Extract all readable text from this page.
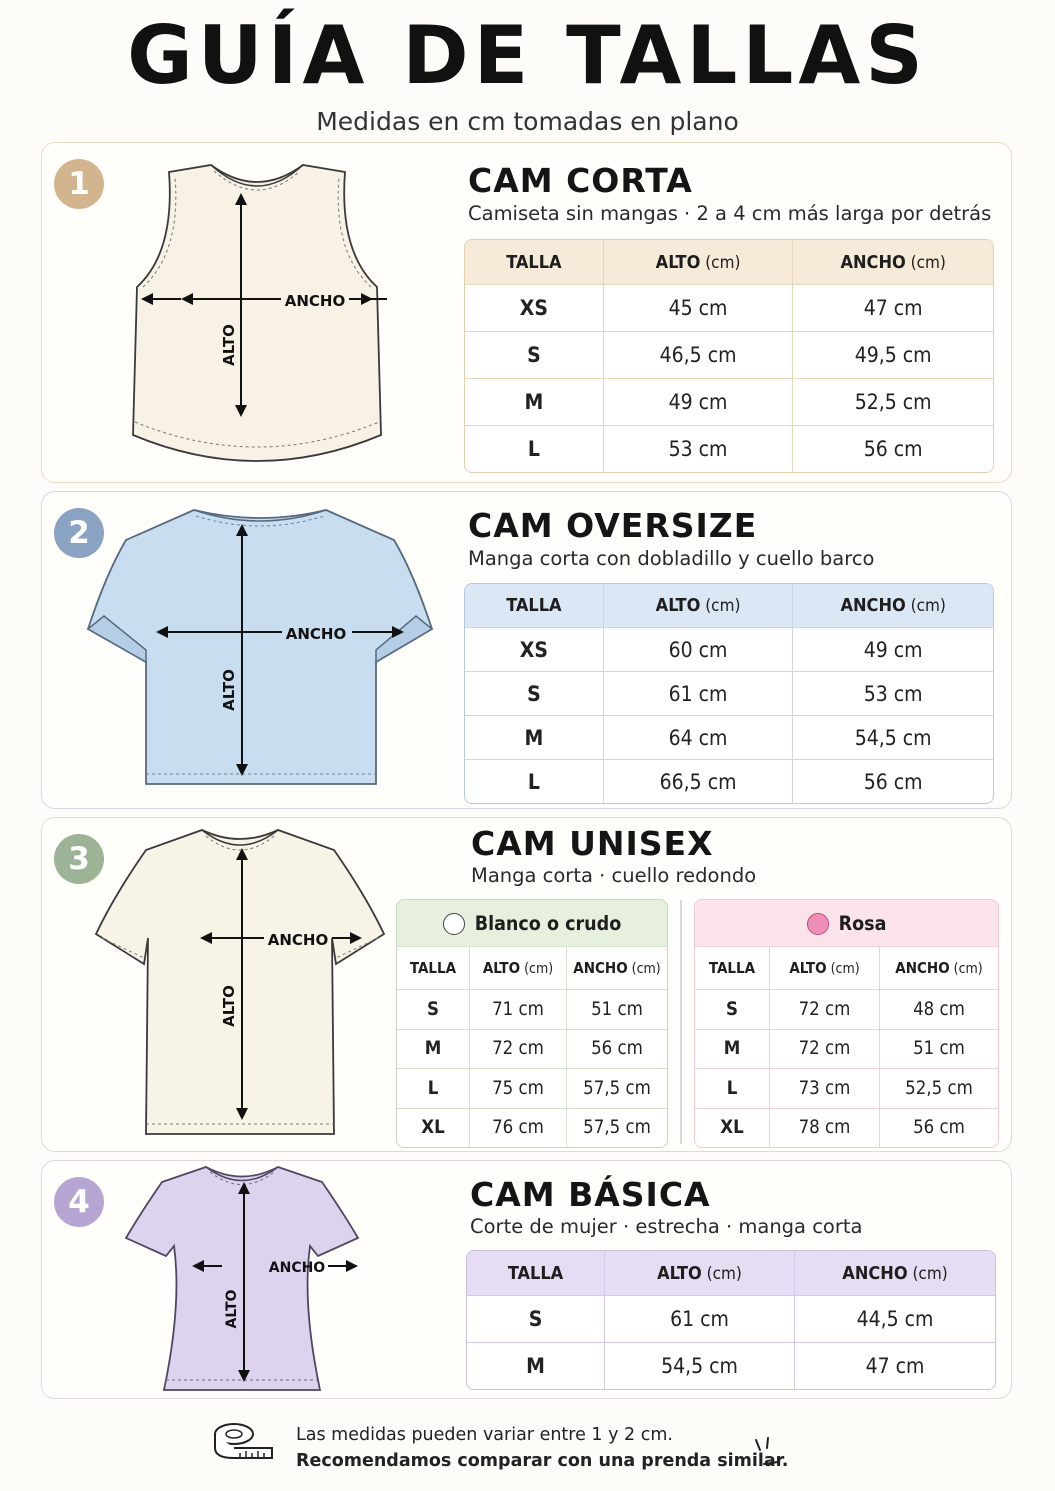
GUÍA DE TALLAS
Medidas en cm tomadas en plano
1
ANCHO
ALTO
CAM CORTA
Camiseta sin mangas · 2 a 4 cm más larga por detrás
TALLA	ALTO (cm)	ANCHO (cm)
XS	45 cm	47 cm
S	46,5 cm	49,5 cm
M	49 cm	52,5 cm
L	53 cm	56 cm
2
ANCHO
ALTO
CAM OVERSIZE
Manga corta con dobladillo y cuello barco
TALLA	ALTO (cm)	ANCHO (cm)
XS	60 cm	49 cm
S	61 cm	53 cm
M	64 cm	54,5 cm
L	66,5 cm	56 cm
3
ANCHO
ALTO
CAM UNISEX
Manga corta · cuello redondo
Blanco o crudo		
TALLA	ALTO (cm)	ANCHO (cm)
S	71 cm	51 cm
M	72 cm	56 cm
L	75 cm	57,5 cm
XL	76 cm	57,5 cm
Rosa		
TALLA	ALTO (cm)	ANCHO (cm)
S	72 cm	48 cm
M	72 cm	51 cm
L	73 cm	52,5 cm
XL	78 cm	56 cm
4
ANCHO
ALTO
CAM BÁSICA
Corte de mujer · estrecha · manga corta
TALLA	ALTO (cm)	ANCHO (cm)
S	61 cm	44,5 cm
M	54,5 cm	47 cm
Las medidas pueden variar entre 1 y 2 cm.
Recomendamos comparar con una prenda similar.
